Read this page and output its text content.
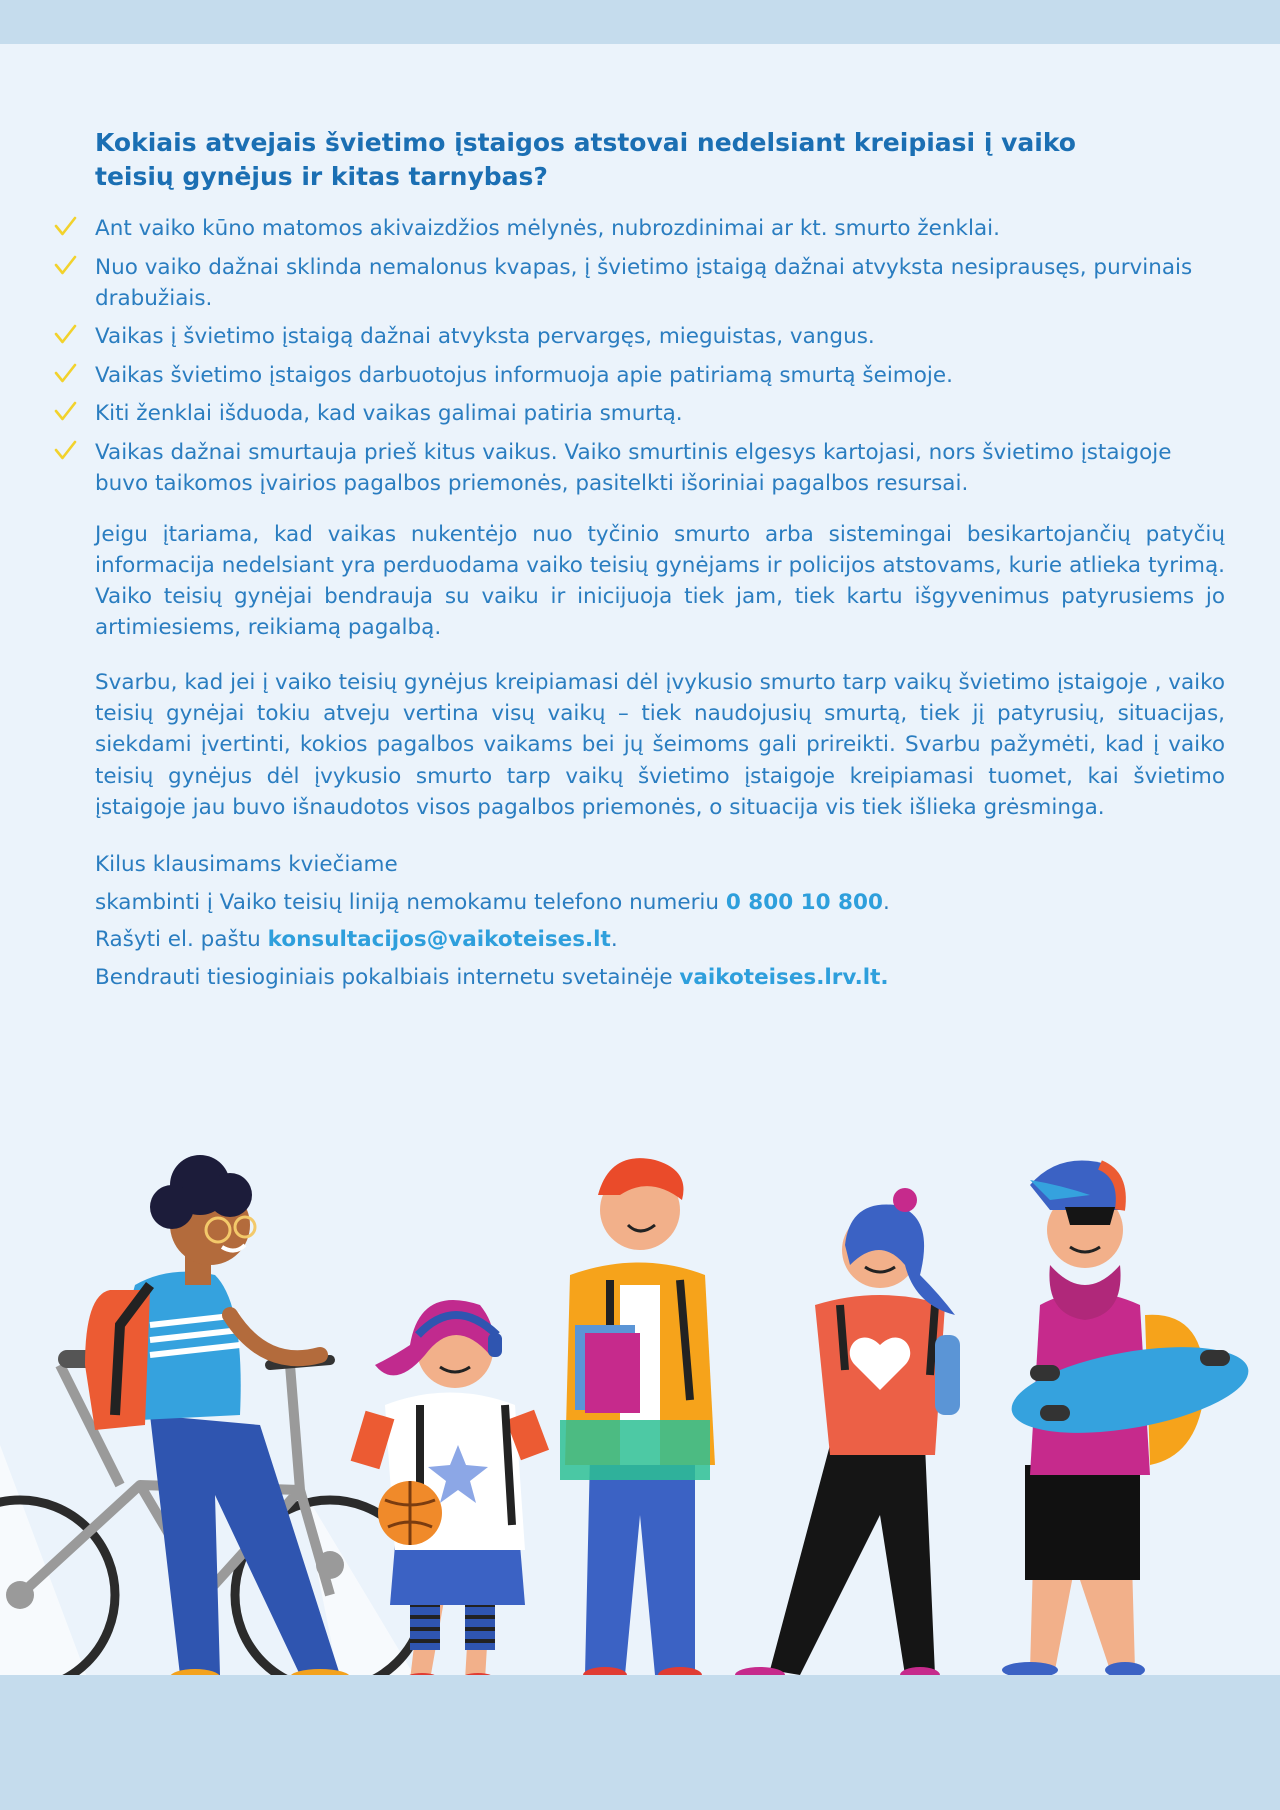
Kokiais atvejais švietimo įstaigos atstovai nedelsiant kreipiasi į vaiko teisių gynėjus ir kitas tarnybas?
Ant vaiko kūno matomos akivaizdžios mėlynės, nubrozdinimai ar kt. smurto ženklai.
Nuo vaiko dažnai sklinda nemalonus kvapas, į švietimo įstaigą dažnai atvyksta nesiprausęs, purvinais drabužiais.
Vaikas į švietimo įstaigą dažnai atvyksta pervargęs, mieguistas, vangus.
Vaikas švietimo įstaigos darbuotojus informuoja apie patiriamą smurtą šeimoje.
Kiti ženklai išduoda, kad vaikas galimai patiria smurtą.
Vaikas dažnai smurtauja prieš kitus vaikus. Vaiko smurtinis elgesys kartojasi, nors švietimo įstaigoje buvo taikomos įvairios pagalbos priemonės, pasitelkti išoriniai pagalbos resursai.

Jeigu įtariama, kad vaikas nukentėjo nuo tyčinio smurto arba sistemingai besikartojančių patyčių informacija nedelsiant yra perduodama vaiko teisių gynėjams ir policijos atstovams, kurie atlieka tyrimą. Vaiko teisių gynėjai bendrauja su vaiku ir inicijuoja tiek jam, tiek kartu išgyvenimus patyrusiems jo artimiesiems, reikiamą pagalbą.

Svarbu, kad jei į vaiko teisių gynėjus kreipiamasi dėl įvykusio smurto tarp vaikų švietimo įstaigoje , vaiko teisių gynėjai tokiu atveju vertina visų vaikų – tiek naudojusių smurtą, tiek jį patyrusių, situacijas, siekdami įvertinti, kokios pagalbos vaikams bei jų šeimoms gali prireikti. Svarbu pažymėti, kad į vaiko teisių gynėjus dėl įvykusio smurto tarp vaikų švietimo įstaigoje kreipiamasi tuomet, kai švietimo įstaigoje jau buvo išnaudotos visos pagalbos priemonės, o situacija vis tiek išlieka grėsminga.

Kilus klausimams kviečiame
skambinti į Vaiko teisių liniją nemokamu telefono numeriu 0 800 10 800.
Rašyti el. paštu konsultacijos@vaikoteises.lt.
Bendrauti tiesioginiais pokalbiais internetu svetainėje vaikoteises.lrv.lt.
